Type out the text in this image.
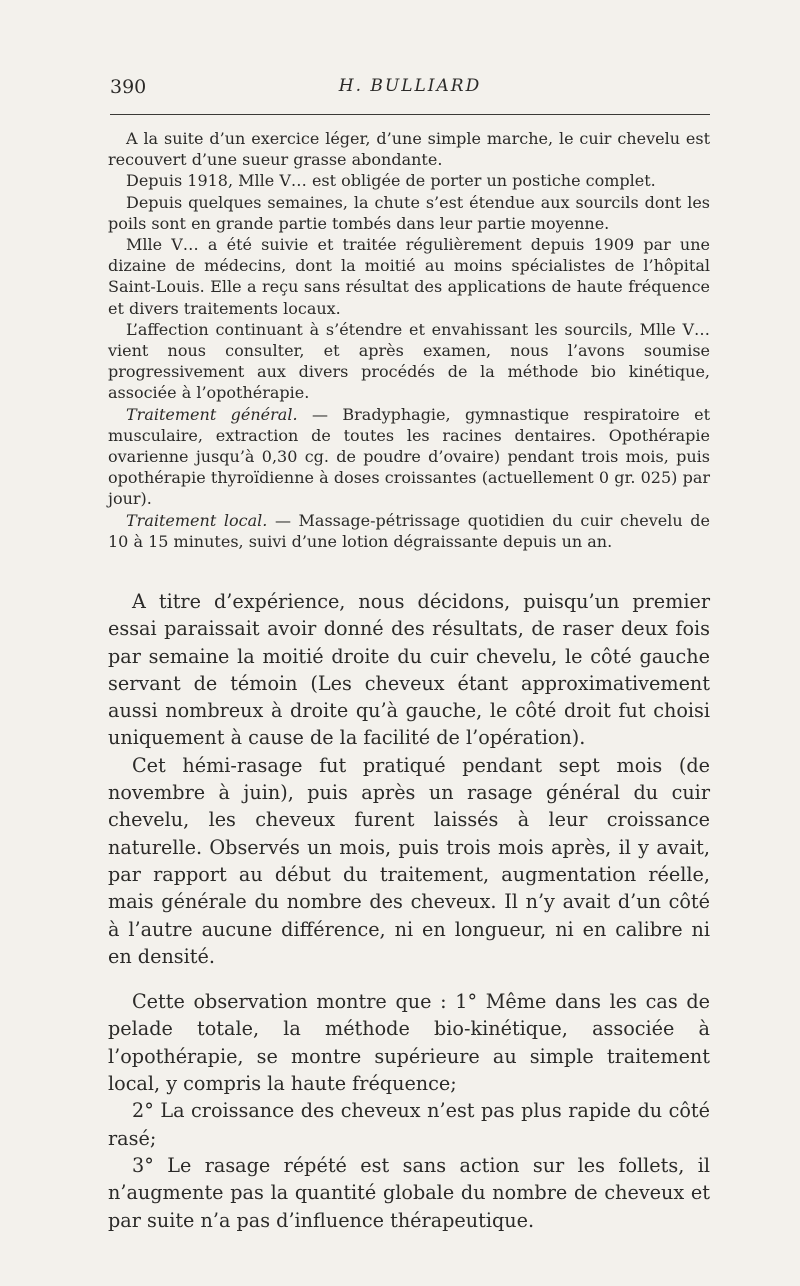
390	H. BULLIARD

A la suite d’un exercice léger, d’une simple marche, le cuir chevelu est recouvert d’une sueur grasse abondante.

Depuis 1918, Mlle V… est obligée de porter un postiche complet.

Depuis quelques semaines, la chute s’est étendue aux sourcils dont les poils sont en grande partie tombés dans leur partie moyenne.

Mlle V… a été suivie et traitée régulièrement depuis 1909 par une dizaine de médecins, dont la moitié au moins spécialistes de l’hôpital Saint-Louis. Elle a reçu sans résultat des applications de haute fréquence et divers traitements locaux.

L’affection continuant à s’étendre et envahissant les sourcils, Mlle V… vient nous consulter, et après examen, nous l’avons soumise progressivement aux divers procédés de la méthode bio kinétique, associée à l’opothérapie.

Traitement général. — Bradyphagie, gymnastique respiratoire et musculaire, extraction de toutes les racines dentaires. Opothérapie ovarienne jusqu’à 0,30 cg. de poudre d’ovaire) pendant trois mois, puis opothérapie thyroïdienne à doses croissantes (actuellement 0 gr. 025) par jour).

Traitement local. — Massage-pétrissage quotidien du cuir chevelu de 10 à 15 minutes, suivi d’une lotion dégraissante depuis un an.

A titre d’expérience, nous décidons, puisqu’un premier essai paraissait avoir donné des résultats, de raser deux fois par semaine la moitié droite du cuir chevelu, le côté gauche servant de témoin (Les cheveux étant approximativement aussi nombreux à droite qu’à gauche, le côté droit fut choisi uniquement à cause de la facilité de l’opération).

Cet hémi-rasage fut pratiqué pendant sept mois (de novembre à juin), puis après un rasage général du cuir chevelu, les cheveux furent laissés à leur croissance naturelle. Observés un mois, puis trois mois après, il y avait, par rapport au début du traitement, augmentation réelle, mais générale du nombre des cheveux. Il n’y avait d’un côté à l’autre aucune différence, ni en longueur, ni en calibre ni en densité.

Cette observation montre que : 1° Même dans les cas de pelade totale, la méthode bio-kinétique, associée à l’opothérapie, se montre supérieure au simple traitement local, y compris la haute fréquence;

2° La croissance des cheveux n’est pas plus rapide du côté rasé;

3° Le rasage répété est sans action sur les follets, il n’augmente pas la quantité globale du nombre de cheveux et par suite n’a pas d’influence thérapeutique.
